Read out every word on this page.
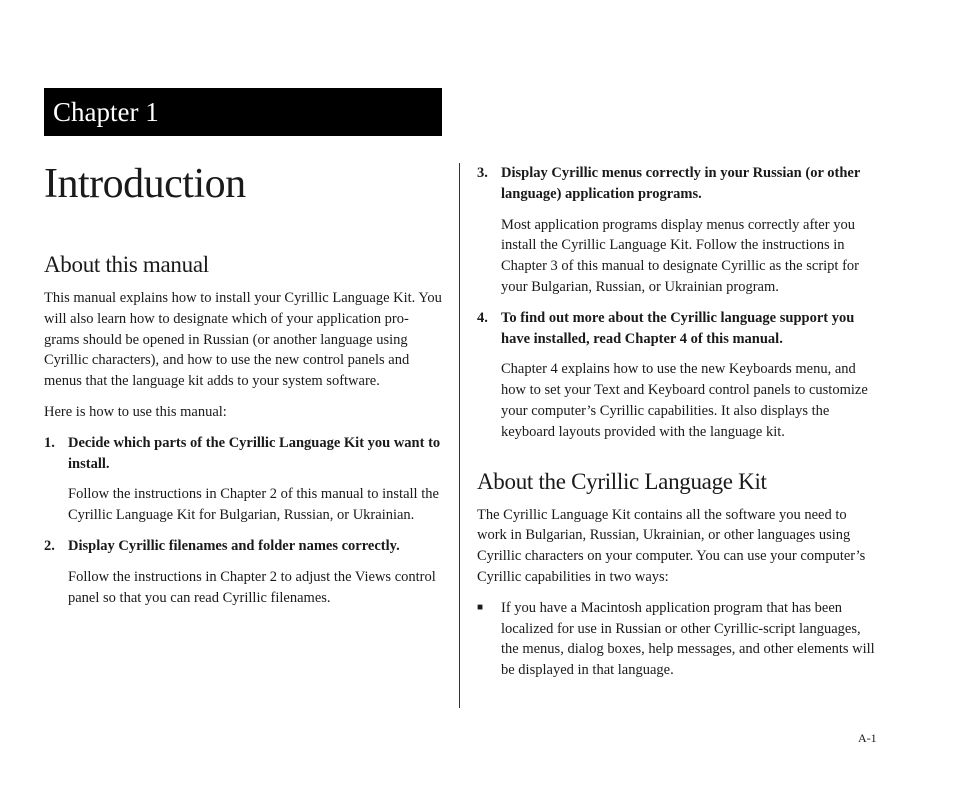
Chapter 1
Introduction
About this manual

This manual explains how to install your Cyrillic Language Kit. You will also learn how to designate which of your application pro-grams should be opened in Russian (or another language using Cyrillic characters), and how to use the new control panels and menus that the language kit adds to your system software.

Here is how to use this manual:

1. Decide which parts of the Cyrillic Language Kit you want to install.

Follow the instructions in Chapter 2 of this manual to install the Cyrillic Language Kit for Bulgarian, Russian, or Ukrainian.

2. Display Cyrillic filenames and folder names correctly.

Follow the instructions in Chapter 2 to adjust the Views control panel so that you can read Cyrillic filenames.

3. Display Cyrillic menus correctly in your Russian (or other language) application programs.

Most application programs display menus correctly after you install the Cyrillic Language Kit. Follow the instructions in Chapter 3 of this manual to designate Cyrillic as the script for your Bulgarian, Russian, or Ukrainian program.

4. To find out more about the Cyrillic language support you have installed, read Chapter 4 of this manual.

Chapter 4 explains how to use the new Keyboards menu, and how to set your Text and Keyboard control panels to customize your computer’s Cyrillic capabilities. It also displays the keyboard layouts provided with the language kit.

About the Cyrillic Language Kit

The Cyrillic Language Kit contains all the software you need to work in Bulgarian, Russian, Ukrainian, or other languages using Cyrillic characters on your computer. You can use your computer’s Cyrillic capabilities in two ways:

■	If you have a Macintosh application program that has been localized for use in Russian or other Cyrillic-script languages, the menus, dialog boxes, help messages, and other elements will be displayed in that language.
A-1
